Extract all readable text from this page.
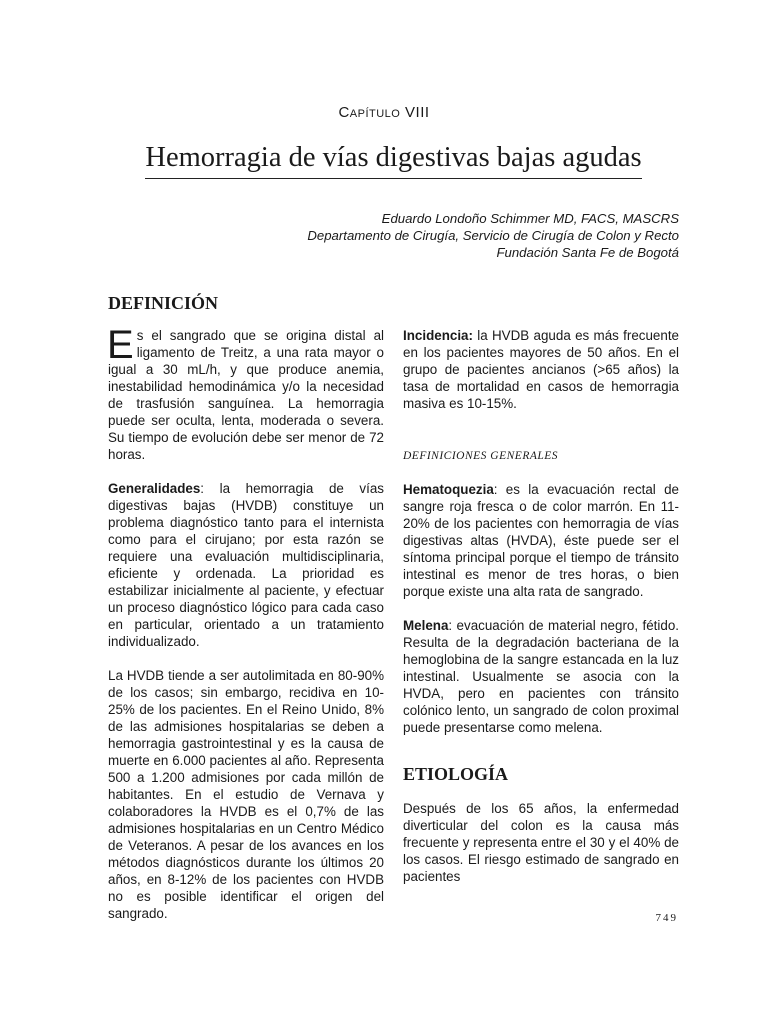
Capítulo VIII
Hemorragia de vías digestivas bajas agudas
Eduardo Londoño Schimmer MD, FACS, MASCRS
Departamento de Cirugía, Servicio de Cirugía de Colon y Recto
Fundación Santa Fe de Bogotá
DEFINICIÓN

Es el sangrado que se origina distal al ligamento de Treitz, a una rata mayor o igual a 30 mL/h, y que produce anemia, inestabilidad hemodinámica y/o la necesidad de trasfusión sanguínea. La hemorragia puede ser oculta, lenta, moderada o severa. Su tiempo de evolución debe ser menor de 72 horas.

Generalidades: la hemorragia de vías digestivas bajas (HVDB) constituye un problema diagnóstico tanto para el internista como para el cirujano; por esta razón se requiere una evaluación multidisciplinaria, eficiente y ordenada. La prioridad es estabilizar inicialmente al paciente, y efectuar un proceso diagnóstico lógico para cada caso en particular, orientado a un tratamiento individualizado.

La HVDB tiende a ser autolimitada en 80-90% de los casos; sin embargo, recidiva en 10-25% de los pacientes. En el Reino Unido, 8% de las admisiones hospitalarias se deben a hemorragia gastrointestinal y es la causa de muerte en 6.000 pacientes al año. Representa 500 a 1.200 admisiones por cada millón de habitantes. En el estudio de Vernava y colaboradores la HVDB es el 0,7% de las admisiones hospitalarias en un Centro Médico de Veteranos. A pesar de los avances en los métodos diagnósticos durante los últimos 20 años, en 8-12% de los pacientes con HVDB no es posible identificar el origen del sangrado.

Incidencia: la HVDB aguda es más frecuente en los pacientes mayores de 50 años. En el grupo de pacientes ancianos (>65 años) la tasa de mortalidad en casos de hemorragia masiva es 10-15%.

DEFINICIONES GENERALES

Hematoquezia: es la evacuación rectal de sangre roja fresca o de color marrón. En 11-20% de los pacientes con hemorragia de vías digestivas altas (HVDA), éste puede ser el síntoma principal porque el tiempo de tránsito intestinal es menor de tres horas, o bien porque existe una alta rata de sangrado.

Melena: evacuación de material negro, fétido. Resulta de la degradación bacteriana de la hemoglobina de la sangre estancada en la luz intestinal. Usualmente se asocia con la HVDA, pero en pacientes con tránsito colónico lento, un sangrado de colon proximal puede presentarse como melena.

ETIOLOGÍA

Después de los 65 años, la enfermedad diverticular del colon es la causa más frecuente y representa entre el 30 y el 40% de los casos. El riesgo estimado de sangrado en pacientes

749
